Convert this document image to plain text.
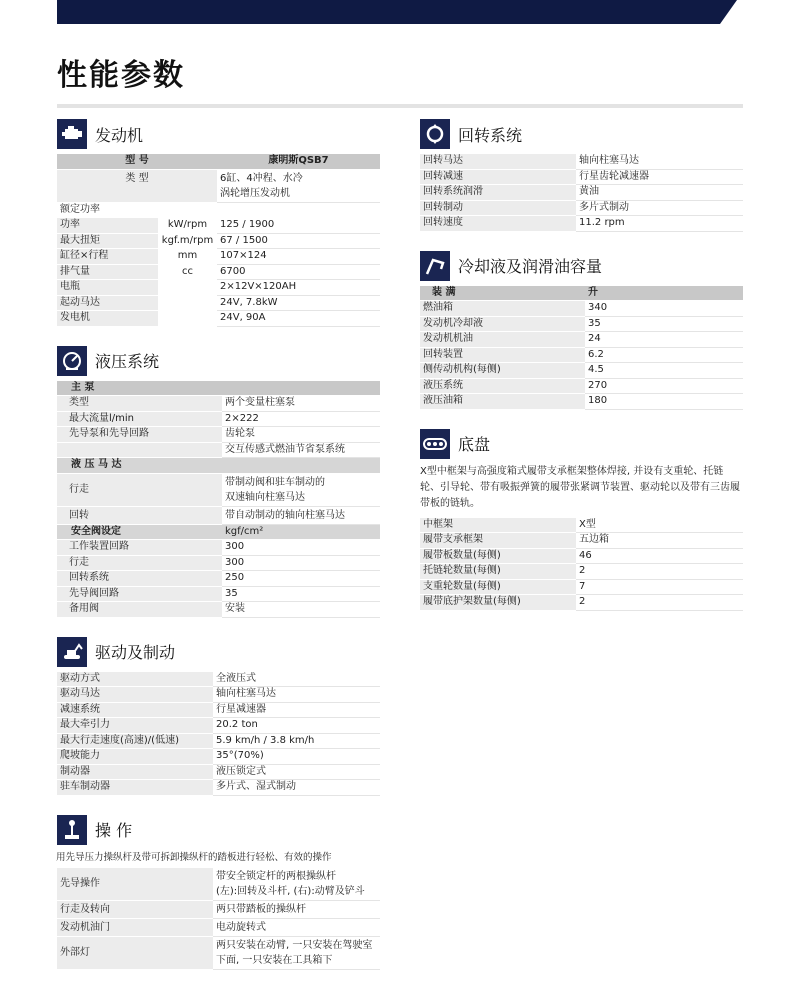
性能参数
发动机
型 号		康明斯QSB7
类 型		6缸、4冲程、水冷
涡轮增压发动机

额定功率		
功率	kW/rpm	125 / 1900
最大扭矩	kgf.m/rpm	67 / 1500
缸径×行程	mm	107×124
排气量	cc	6700
电瓶		2×12V×120AH
起动马达		24V, 7.8kW
发电机		24V, 90A
液压系统
主 泵	
类型	两个变量柱塞泵
最大流量l/min	2×222
先导泵和先导回路	齿轮泵
	交互传感式燃油节省泵系统
液 压 马 达	
行走	带制动阀和驻车制动的
双速轴向柱塞马达

回转	带自动制动的轴向柱塞马达

安全阀设定	kgf/cm²
工作装置回路	300
行走	300
回转系统	250
先导阀回路	35
备用阀	安装
驱动及制动
驱动方式	全液压式
驱动马达	轴向柱塞马达
减速系统	行星减速器
最大牵引力	20.2 ton
最大行走速度(高速)/(低速)	5.9 km/h / 3.8 km/h
爬坡能力	35°(70%)
制动器	液压锁定式
驻车制动器	多片式、湿式制动
操 作

用先导压力操纵杆及带可拆卸操纵杆的踏板进行轻松、有效的操作

先导操作	带安全锁定杆的两根操纵杆
(左):回转及斗杆, (右):动臂及铲斗

行走及转向	两只带踏板的操纵杆

发动机油门	电动旋转式

外部灯	两只安装在动臂, 一只安装在驾驶室
下面, 一只安装在工具箱下
回转系统
回转马达	轴向柱塞马达
回转减速	行星齿轮减速器
回转系统润滑	黄油
回转制动	多片式制动
回转速度	11.2 rpm
冷却液及润滑油容量
装 满	升
燃油箱	340
发动机冷却液	35
发动机机油	24
回转装置	6.2
侧传动机构(每侧)	4.5
液压系统	270
液压油箱	180
底盘

X型中框架与高强度箱式履带支承框架整体焊接, 并设有支重轮、托链轮、引导轮、带有吸振弹簧的履带张紧调节装置、驱动轮以及带有三齿履带板的链轨。

中框架	X型
履带支承框架	五边箱
履带板数量(每侧)	46
托链轮数量(每侧)	2
支重轮数量(每侧)	7
履带底护架数量(每侧)	2
